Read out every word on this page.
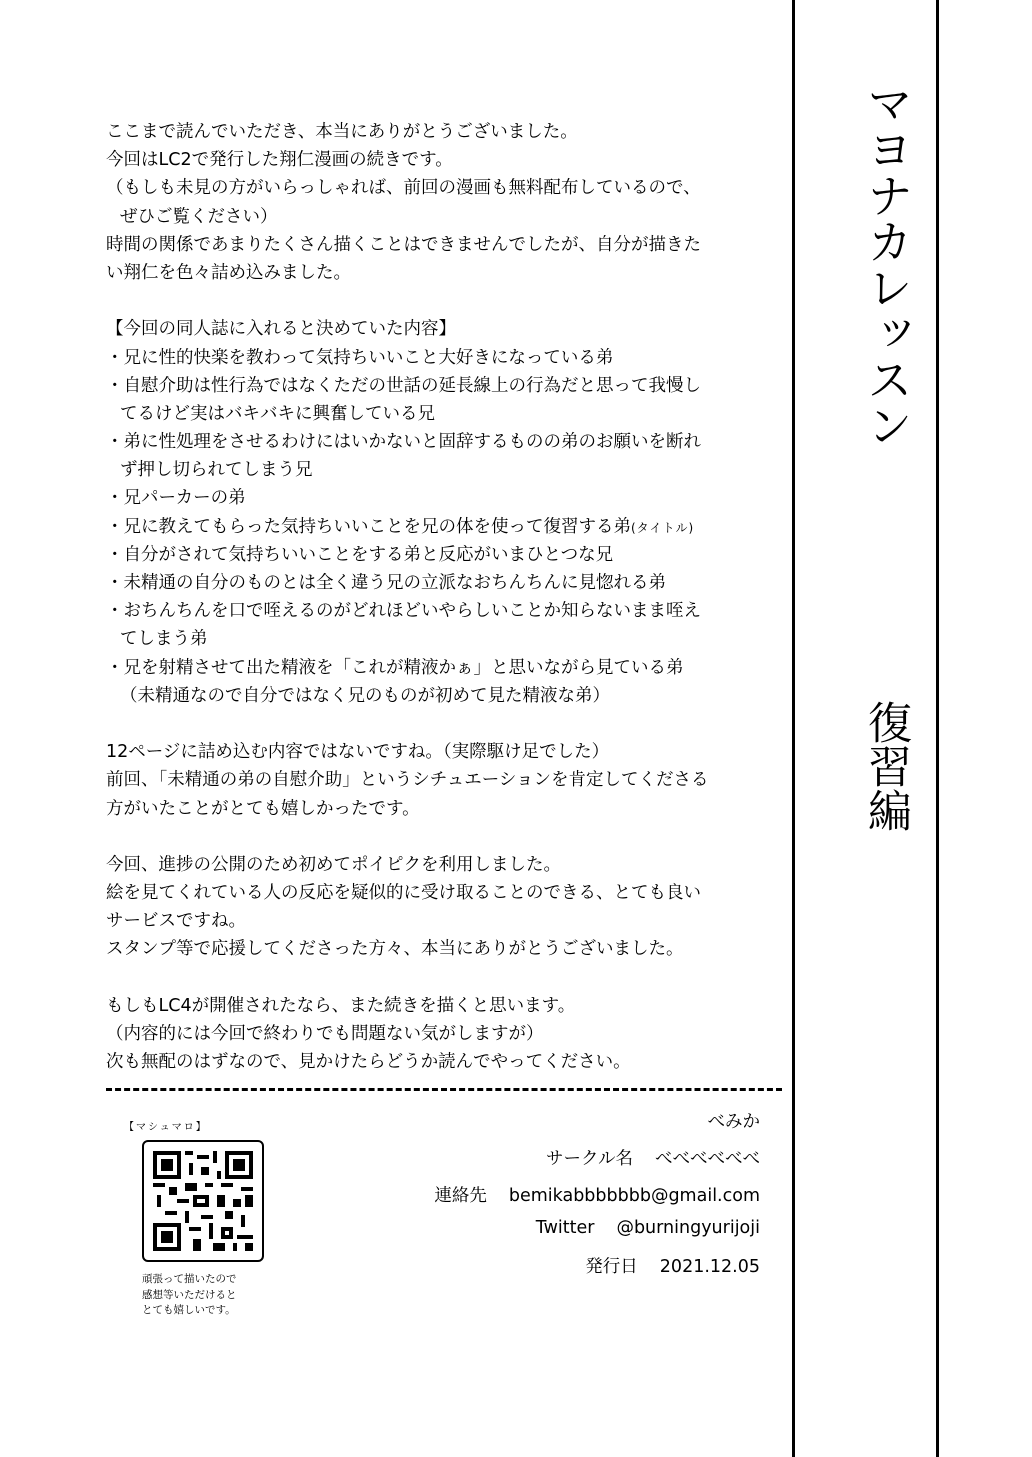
マヨナカレッスン
復習編
ここまで読んでいただき、本当にありがとうございました。
今回はLC2で発行した翔仁漫画の続きです。
（もしも未見の方がいらっしゃれば、前回の漫画も無料配布しているので、
ぜひご覧ください）
時間の関係であまりたくさん描くことはできませんでしたが、自分が描きた
い翔仁を色々詰め込みました。
【今回の同人誌に入れると決めていた内容】
・兄に性的快楽を教わって気持ちいいこと大好きになっている弟
・自慰介助は性行為ではなくただの世話の延長線上の行為だと思って我慢し
てるけど実はバキバキに興奮している兄
・弟に性処理をさせるわけにはいかないと固辞するものの弟のお願いを断れ
ず押し切られてしまう兄
・兄パーカーの弟
・兄に教えてもらった気持ちいいことを兄の体を使って復習する弟(タイトル)
・自分がされて気持ちいいことをする弟と反応がいまひとつな兄
・未精通の自分のものとは全く違う兄の立派なおちんちんに見惚れる弟
・おちんちんを口で咥えるのがどれほどいやらしいことか知らないまま咥え
てしまう弟
・兄を射精させて出た精液を「これが精液かぁ」と思いながら見ている弟
（未精通なので自分ではなく兄のものが初めて見た精液な弟）
12ページに詰め込む内容ではないですね。（実際駆け足でした）
前回、「未精通の弟の自慰介助」というシチュエーションを肯定してくださる
方がいたことがとても嬉しかったです。
今回、進捗の公開のため初めてポイピクを利用しました。
絵を見てくれている人の反応を疑似的に受け取ることのできる、とても良い
サービスですね。
スタンプ等で応援してくださった方々、本当にありがとうございました。
もしもLC4が開催されたなら、また続きを描くと思います。
（内容的には今回で終わりでも問題ない気がしますが）
次も無配のはずなので、見かけたらどうか読んでやってください。
【マシュマロ】
頑張って描いたので
感想等いただけると
とても嬉しいです。
べみか
サークル名 べべべべべべ
連絡先 bemikabbbbbbb@gmail.com
Twitter @burningyurijoji
発行日 2021.12.05
